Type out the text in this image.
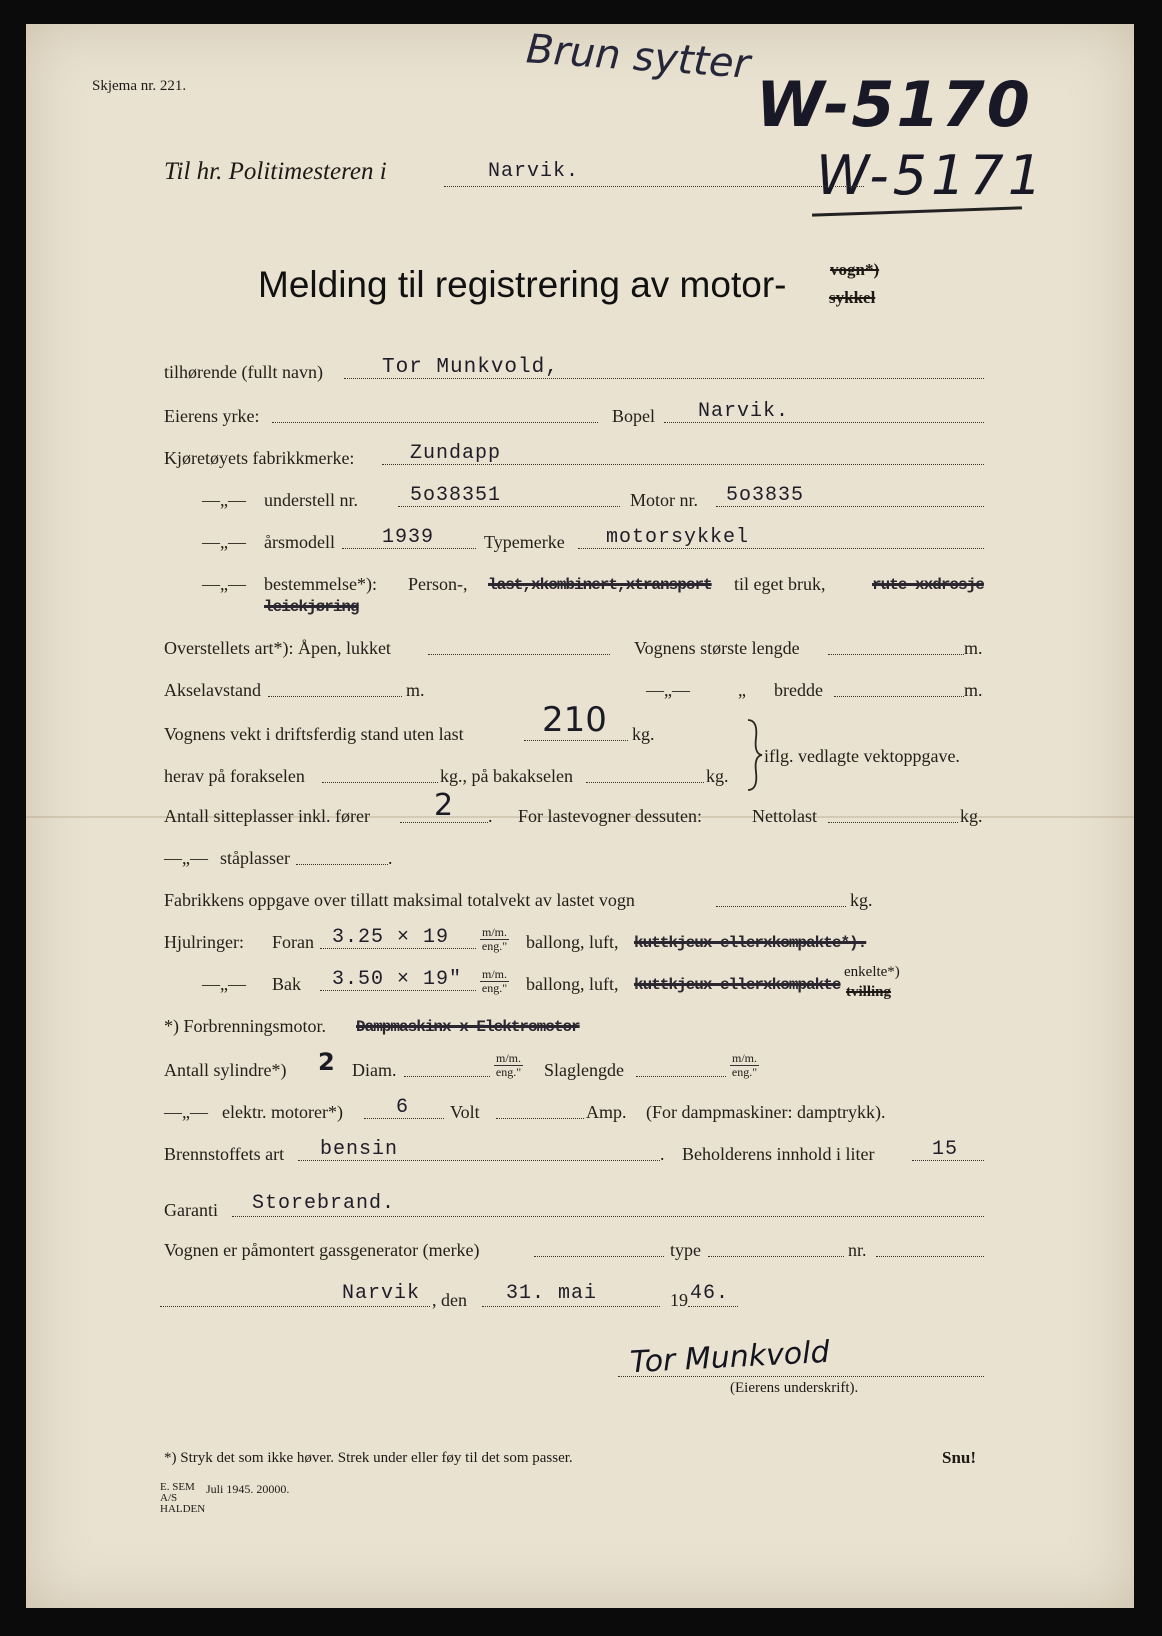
Skjema nr. 221.	Brun sytter
W-5170
W-5171
Til hr. Politimesteren i	Narvik.
Melding til registrering av motor-	vogn*)
sykkel
tilhørende (fullt navn)	Tor Munkvold,
Eierens yrke:	Bopel Narvik.
Kjøretøyets fabrikkmerke:	Zundapp
—„— understell nr.	5o38351	Motor nr. 5o3835
—„— årsmodell 1939	Typemerke motorsykkel
—„— bestemmelse*): Person-, last,xkombinert,xtransport til eget bruk,	rute-xxdrosje
leiekjøring
Overstellets art*): Åpen, lukket	Vognens største lengde	m.
Akselavstand	m.	—„—	„ bredde	m.
Vognens vekt i driftsferdig stand uten last 210 kg.
herav på forakselen	kg., på bakakselen	kg.
iflg. vedlagte vektoppgave.
Antall sitteplasser inkl. fører 2 . For lastevogner dessuten:	Nettolast	kg.
—„— ståplasser	.
Fabrikkens oppgave over tillatt maksimal totalvekt av lastet vogn	kg.
Hjulringer: Foran 3.25 × 19	m/m.
eng." ballong, luft, kuttkjeux ellerxkompakte*).
—„— Bak 3.50 × 19" m/m.
eng." ballong, luft, kuttkjeux ellerxkompakte
enkelte*)
tvilling
*) Forbrenningsmotor. Dampmaskinx x Elektromotor
Antall sylindre*) 2 Diam.
m/m.
eng." Slaglengde
m/m.
eng."
—„— elektr. motorer*)	6 Volt	Amp. (For dampmaskiner: damptrykk).
Brennstoffets art bensin	. Beholderens innhold i liter	15
Garanti Storebrand.
Vognen er påmontert gassgenerator (merke)	type	nr.
Narvik , den 31. mai	19 46.
Tor Munkvold
(Eierens underskrift).
*) Stryk det som ikke høver. Strek under eller føy til det som passer.	Snu!
E. SEM A/S HALDEN
Juli 1945. 20000.
